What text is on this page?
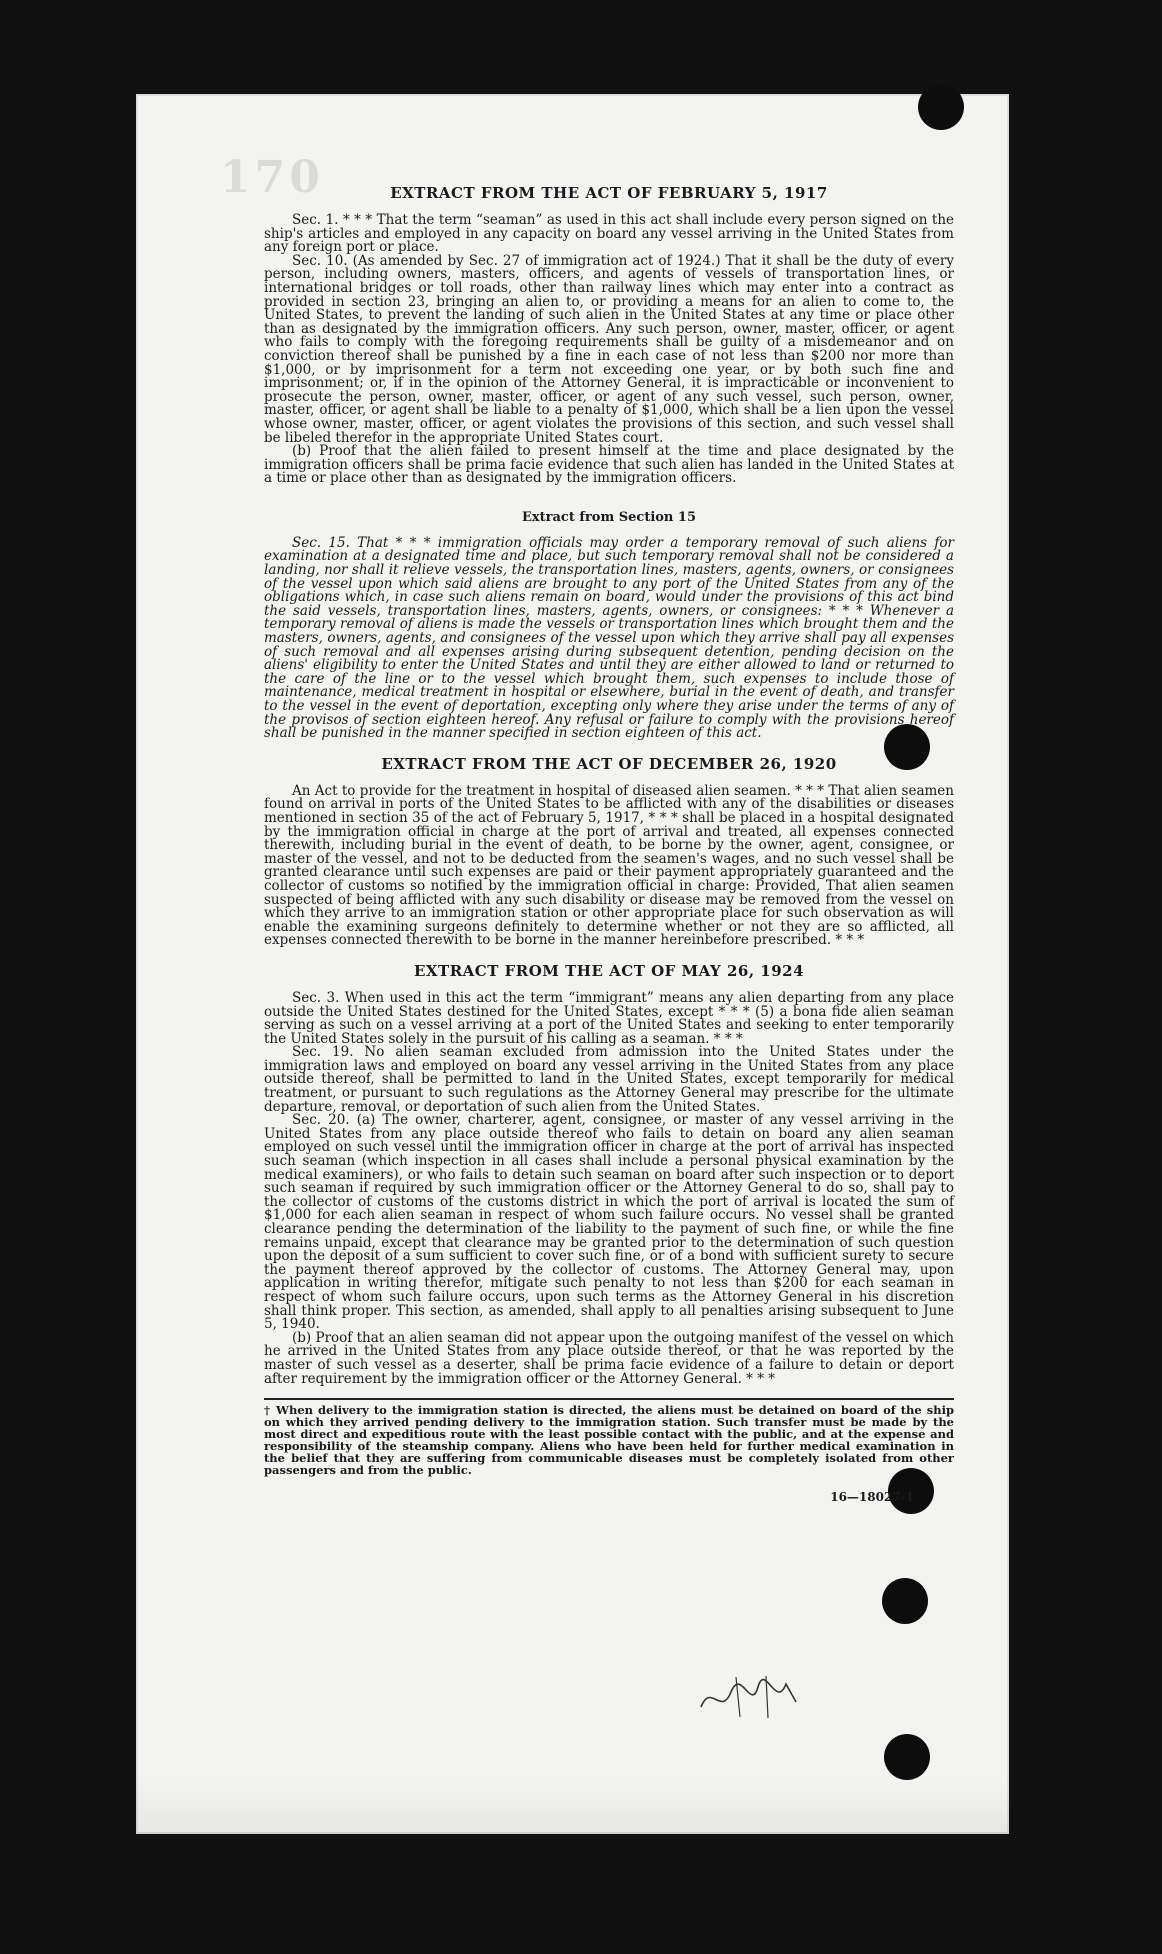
170	EXTRACT FROM THE ACT OF FEBRUARY 5, 1917

Sec. 1. * * * That the term “seaman” as used in this act shall include every person signed on the ship's articles and employed in any capacity on board any vessel arriving in the United States from any foreign port or place.

Sec. 10. (As amended by Sec. 27 of immigration act of 1924.) That it shall be the duty of every person, including owners, masters, officers, and agents of vessels of transportation lines, or international bridges or toll roads, other than railway lines which may enter into a contract as provided in section 23, bringing an alien to, or providing a means for an alien to come to, the United States, to prevent the landing of such alien in the United States at any time or place other than as designated by the immigration officers. Any such person, owner, master, officer, or agent who fails to comply with the foregoing requirements shall be guilty of a misdemeanor and on conviction thereof shall be punished by a fine in each case of not less than $200 nor more than $1,000, or by imprisonment for a term not exceeding one year, or by both such fine and imprisonment; or, if in the opinion of the Attorney General, it is impracticable or inconvenient to prosecute the person, owner, master, officer, or agent of any such vessel, such person, owner, master, officer, or agent shall be liable to a penalty of $1,000, which shall be a lien upon the vessel whose owner, master, officer, or agent violates the provisions of this section, and such vessel shall be libeled therefor in the appropriate United States court.

(b) Proof that the alien failed to present himself at the time and place designated by the immigration officers shall be prima facie evidence that such alien has landed in the United States at a time or place other than as designated by the immigration officers.

Extract from Section 15

Sec. 15. That * * * immigration officials may order a temporary removal of such aliens for examination at a designated time and place, but such temporary removal shall not be considered a landing, nor shall it relieve vessels, the transportation lines, masters, agents, owners, or consignees of the vessel upon which said aliens are brought to any port of the United States from any of the obligations which, in case such aliens remain on board, would under the provisions of this act bind the said vessels, transportation lines, masters, agents, owners, or consignees: * * * Whenever a temporary removal of aliens is made the vessels or transportation lines which brought them and the masters, owners, agents, and consignees of the vessel upon which they arrive shall pay all expenses of such removal and all expenses arising during subsequent detention, pending decision on the aliens' eligibility to enter the United States and until they are either allowed to land or returned to the care of the line or to the vessel which brought them, such expenses to include those of maintenance, medical treatment in hospital or elsewhere, burial in the event of death, and transfer to the vessel in the event of deportation, excepting only where they arise under the terms of any of the provisos of section eighteen hereof. Any refusal or failure to comply with the provisions hereof shall be punished in the manner specified in section eighteen of this act.

EXTRACT FROM THE ACT OF DECEMBER 26, 1920

An Act to provide for the treatment in hospital of diseased alien seamen. * * * That alien seamen found on arrival in ports of the United States to be afflicted with any of the disabilities or diseases mentioned in section 35 of the act of February 5, 1917, * * * shall be placed in a hospital designated by the immigration official in charge at the port of arrival and treated, all expenses connected therewith, including burial in the event of death, to be borne by the owner, agent, consignee, or master of the vessel, and not to be deducted from the seamen's wages, and no such vessel shall be granted clearance until such expenses are paid or their payment appropriately guaranteed and the collector of customs so notified by the immigration official in charge: Provided, That alien seamen suspected of being afflicted with any such disability or disease may be removed from the vessel on which they arrive to an immigration station or other appropriate place for such observation as will enable the examining surgeons definitely to determine whether or not they are so afflicted, all expenses connected therewith to be borne in the manner hereinbefore prescribed. * * *

EXTRACT FROM THE ACT OF MAY 26, 1924

Sec. 3. When used in this act the term “immigrant” means any alien departing from any place outside the United States destined for the United States, except * * * (5) a bona fide alien seaman serving as such on a vessel arriving at a port of the United States and seeking to enter temporarily the United States solely in the pursuit of his calling as a seaman. * * *

Sec. 19. No alien seaman excluded from admission into the United States under the immigration laws and employed on board any vessel arriving in the United States from any place outside thereof, shall be permitted to land in the United States, except temporarily for medical treatment, or pursuant to such regulations as the Attorney General may prescribe for the ultimate departure, removal, or deportation of such alien from the United States.

Sec. 20. (a) The owner, charterer, agent, consignee, or master of any vessel arriving in the United States from any place outside thereof who fails to detain on board any alien seaman employed on such vessel until the immigration officer in charge at the port of arrival has inspected such seaman (which inspection in all cases shall include a personal physical examination by the medical examiners), or who fails to detain such seaman on board after such inspection or to deport such seaman if required by such immigration officer or the Attorney General to do so, shall pay to the collector of customs of the customs district in which the port of arrival is located the sum of $1,000 for each alien seaman in respect of whom such failure occurs. No vessel shall be granted clearance pending the determination of the liability to the payment of such fine, or while the fine remains unpaid, except that clearance may be granted prior to the determination of such question upon the deposit of a sum sufficient to cover such fine, or of a bond with sufficient surety to secure the payment thereof approved by the collector of customs. The Attorney General may, upon application in writing therefor, mitigate such penalty to not less than $200 for each seaman in respect of whom such failure occurs, upon such terms as the Attorney General in his discretion shall think proper. This section, as amended, shall apply to all penalties arising subsequent to June 5, 1940.

(b) Proof that an alien seaman did not appear upon the outgoing manifest of the vessel on which he arrived in the United States from any place outside thereof, or that he was reported by the master of such vessel as a deserter, shall be prima facie evidence of a failure to detain or deport after requirement by the immigration officer or the Attorney General. * * *

† When delivery to the immigration station is directed, the aliens must be detained on board of the ship on which they arrived pending delivery to the immigration station. Such transfer must be made by the most direct and expeditious route with the least possible contact with the public, and at the expense and responsibility of the steamship company. Aliens who have been held for further medical examination in the belief that they are suffering from communicable diseases must be completely isolated from other passengers and from the public.

16—18027-1
